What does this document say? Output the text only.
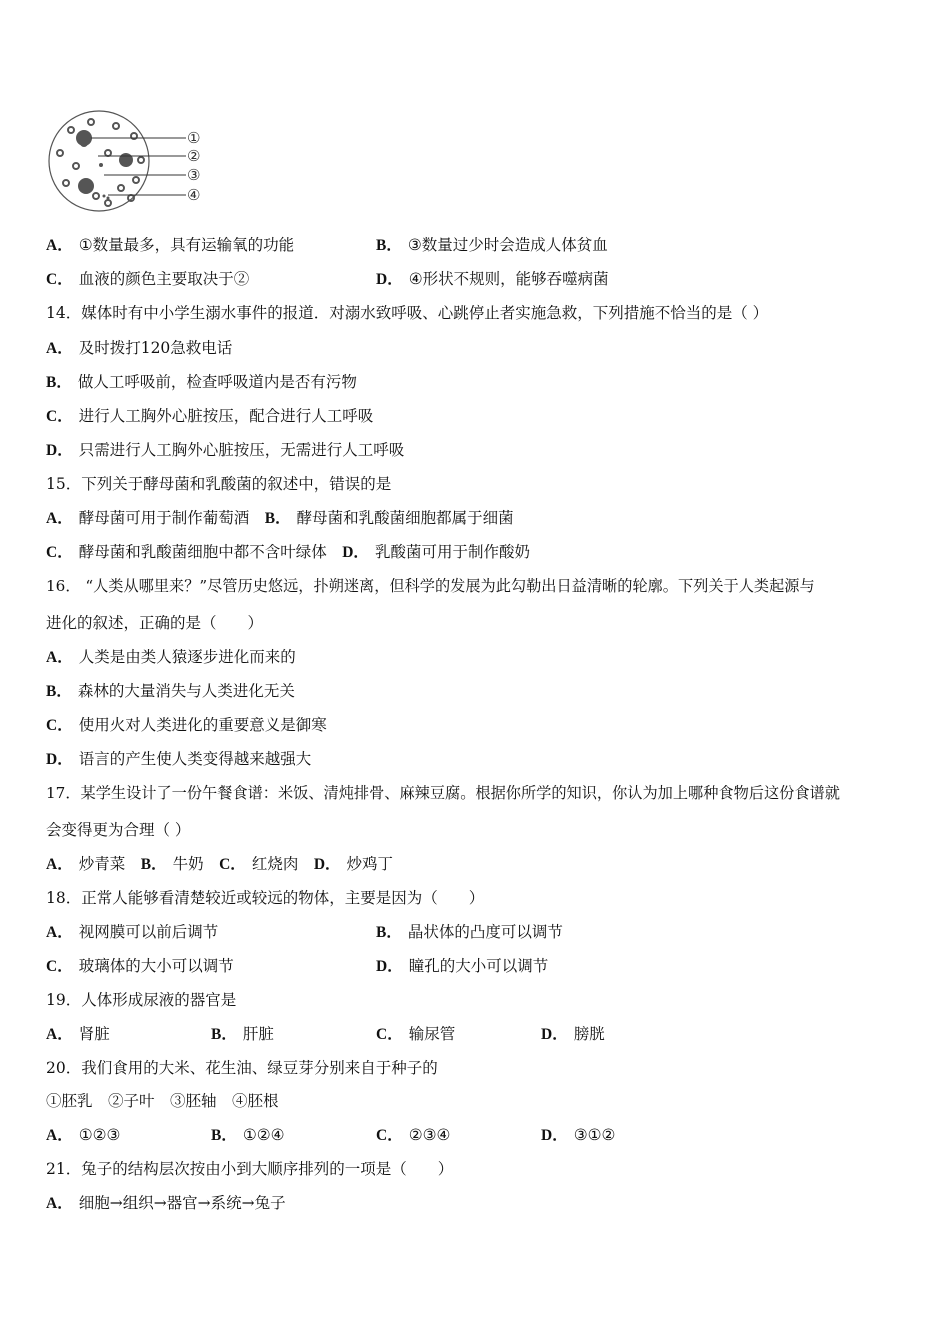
①
②
③
④
A． ①数量最多，具有运输氧的功能	B． ③数量过少时会造成人体贫血
C． 血液的颜色主要取决于②	D． ④形状不规则，能够吞噬病菌
14．媒体时有中小学生溺水事件的报道．对溺水致呼吸、心跳停止者实施急救，下列措施不恰当的是（ ）
A． 及时拨打120急救电话
B． 做人工呼吸前，检查呼吸道内是否有污物
C． 进行人工胸外心脏按压，配合进行人工呼吸
D． 只需进行人工胸外心脏按压，无需进行人工呼吸
15．下列关于酵母菌和乳酸菌的叙述中，错误的是
A． 酵母菌可用于制作葡萄酒　 B． 酵母菌和乳酸菌细胞都属于细菌
C． 酵母菌和乳酸菌细胞中都不含叶绿体　 D． 乳酸菌可用于制作酸奶
16． “人类从哪里来？”尽管历史悠远，扑朔迷离，但科学的发展为此勾勒出日益清晰的轮廓。下列关于人类起源与
进化的叙述，正确的是（　　）
A． 人类是由类人猿逐步进化而来的
B． 森林的大量消失与人类进化无关
C． 使用火对人类进化的重要意义是御寒
D． 语言的产生使人类变得越来越强大
17．某学生设计了一份午餐食谱：米饭、清炖排骨、麻辣豆腐。根据你所学的知识，你认为加上哪种食物后这份食谱就
会变得更为合理（ ）
A． 炒青菜　 B． 牛奶　 C． 红烧肉　 D． 炒鸡丁
18．正常人能够看清楚较近或较远的物体，主要是因为（　　）
A． 视网膜可以前后调节	B． 晶状体的凸度可以调节
C． 玻璃体的大小可以调节	D． 瞳孔的大小可以调节
19．人体形成尿液的器官是
A． 肾脏	B． 肝脏	C． 输尿管	D． 膀胱
20．我们食用的大米、花生油、绿豆芽分别来自于种子的
①胚乳　②子叶　③胚轴　④胚根
A． ①②③	B． ①②④	C． ②③④	D． ③①②
21．兔子的结构层次按由小到大顺序排列的一项是（　　）
A． 细胞→组织→器官→系统→兔子
